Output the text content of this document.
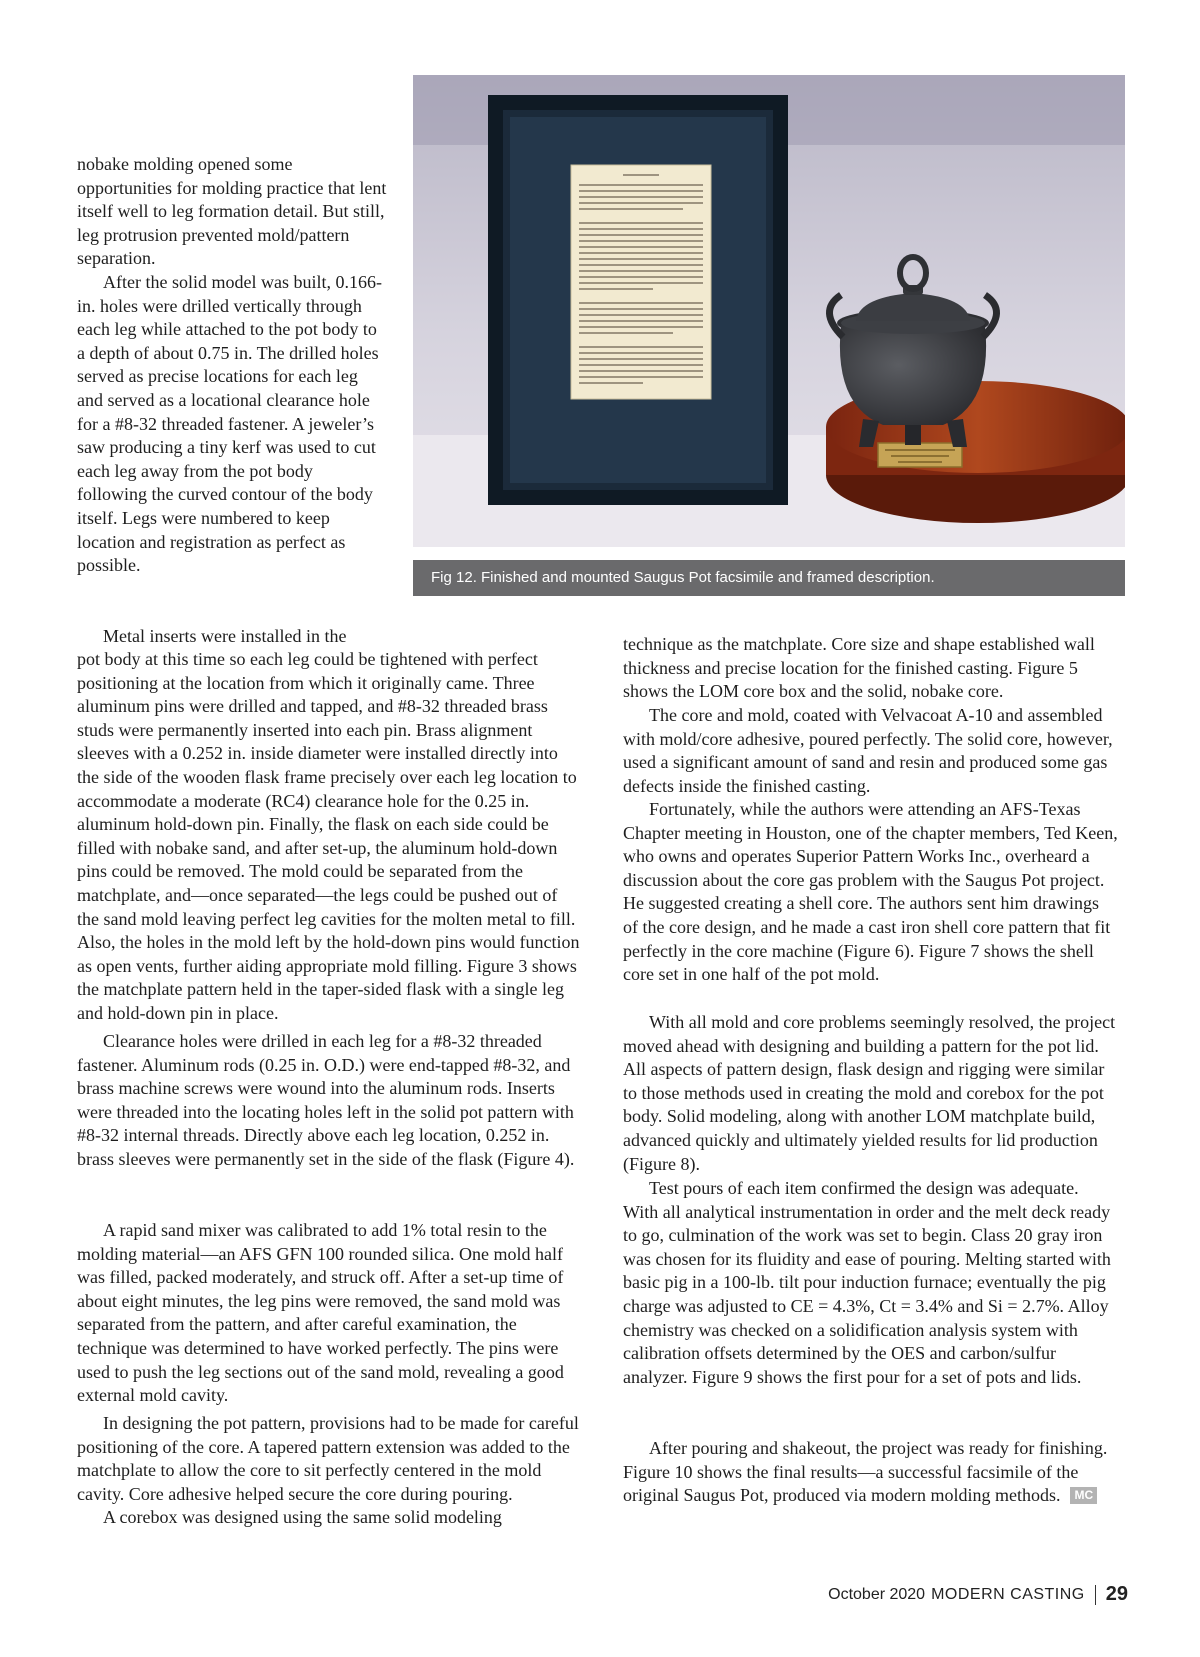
nobake molding opened some opportunities for molding practice that lent itself well to leg formation detail. But still, leg protrusion prevented mold/pattern separation.

After the solid model was built, 0.166-in. holes were drilled vertically through each leg while attached to the pot body to a depth of about 0.75 in. The drilled holes served as precise locations for each leg and served as a locational clearance hole for a #8-32 threaded fastener. A jeweler’s saw producing a tiny kerf was used to cut each leg away from the pot body following the curved contour of the body itself. Legs were numbered to keep location and registration as perfect as possible.

Metal inserts were installed in the

pot body at this time so each leg could be tightened with perfect positioning at the location from which it originally came. Three aluminum pins were drilled and tapped, and #8-32 threaded brass studs were permanently inserted into each pin. Brass alignment sleeves with a 0.252 in. inside diameter were installed directly into the side of the wooden flask frame precisely over each leg location to accommodate a moderate (RC4) clearance hole for the 0.25 in. aluminum hold-down pin. Finally, the flask on each side could be filled with nobake sand, and after set-up, the aluminum hold-down pins could be removed. The mold could be separated from the matchplate, and—once separated—the legs could be pushed out of the sand mold leaving perfect leg cavities for the molten metal to fill. Also, the holes in the mold left by the hold-down pins would function as open vents, further aiding appropriate mold filling. Figure 3 shows the matchplate pattern held in the taper-sided flask with a single leg and hold-down pin in place.

Clearance holes were drilled in each leg for a #8-32 threaded fastener. Aluminum rods (0.25 in. O.D.) were end-tapped #8-32, and brass machine screws were wound into the aluminum rods. Inserts were threaded into the locating holes left in the solid pot pattern with #8-32 internal threads. Directly above each leg location, 0.252 in. brass sleeves were permanently set in the side of the flask (Figure 4).

A rapid sand mixer was calibrated to add 1% total resin to the molding material—an AFS GFN 100 rounded silica. One mold half was filled, packed moderately, and struck off. After a set-up time of about eight minutes, the leg pins were removed, the sand mold was separated from the pattern, and after careful examination, the technique was determined to have worked perfectly. The pins were used to push the leg sections out of the sand mold, revealing a good external mold cavity.

In designing the pot pattern, provisions had to be made for careful positioning of the core. A tapered pattern extension was added to the matchplate to allow the core to sit perfectly centered in the mold cavity. Core adhesive helped secure the core during pouring.

A corebox was designed using the same solid modeling

technique as the matchplate. Core size and shape established wall thickness and precise location for the finished casting. Figure 5 shows the LOM core box and the solid, nobake core.

The core and mold, coated with Velvacoat A-10 and assembled with mold/core adhesive, poured perfectly. The solid core, however, used a significant amount of sand and resin and produced some gas defects inside the finished casting.

Fortunately, while the authors were attending an AFS-Texas Chapter meeting in Houston, one of the chapter members, Ted Keen, who owns and operates Superior Pattern Works Inc., overheard a discussion about the core gas problem with the Saugus Pot project. He suggested creating a shell core. The authors sent him drawings of the core design, and he made a cast iron shell core pattern that fit perfectly in the core machine (Figure 6). Figure 7 shows the shell core set in one half of the pot mold.

With all mold and core problems seemingly resolved, the project moved ahead with designing and building a pattern for the pot lid. All aspects of pattern design, flask design and rigging were similar to those methods used in creating the mold and corebox for the pot body. Solid modeling, along with another LOM matchplate build, advanced quickly and ultimately yielded results for lid production (Figure 8).

Test pours of each item confirmed the design was adequate. With all analytical instrumentation in order and the melt deck ready to go, culmination of the work was set to begin. Class 20 gray iron was chosen for its fluidity and ease of pouring. Melting started with basic pig in a 100-lb. tilt pour induction furnace; eventually the pig charge was adjusted to CE = 4.3%, Ct = 3.4% and Si = 2.7%. Alloy chemistry was checked on a solidification analysis system with calibration offsets determined by the OES and carbon/sulfur analyzer. Figure 9 shows the first pour for a set of pots and lids.

After pouring and shakeout, the project was ready for finishing. Figure 10 shows the final results—a successful facsimile of the original Saugus Pot, produced via modern molding methods. MC

Fig 12. Finished and mounted Saugus Pot facsimile and framed description.
October 2020 MODERN CASTING 29
